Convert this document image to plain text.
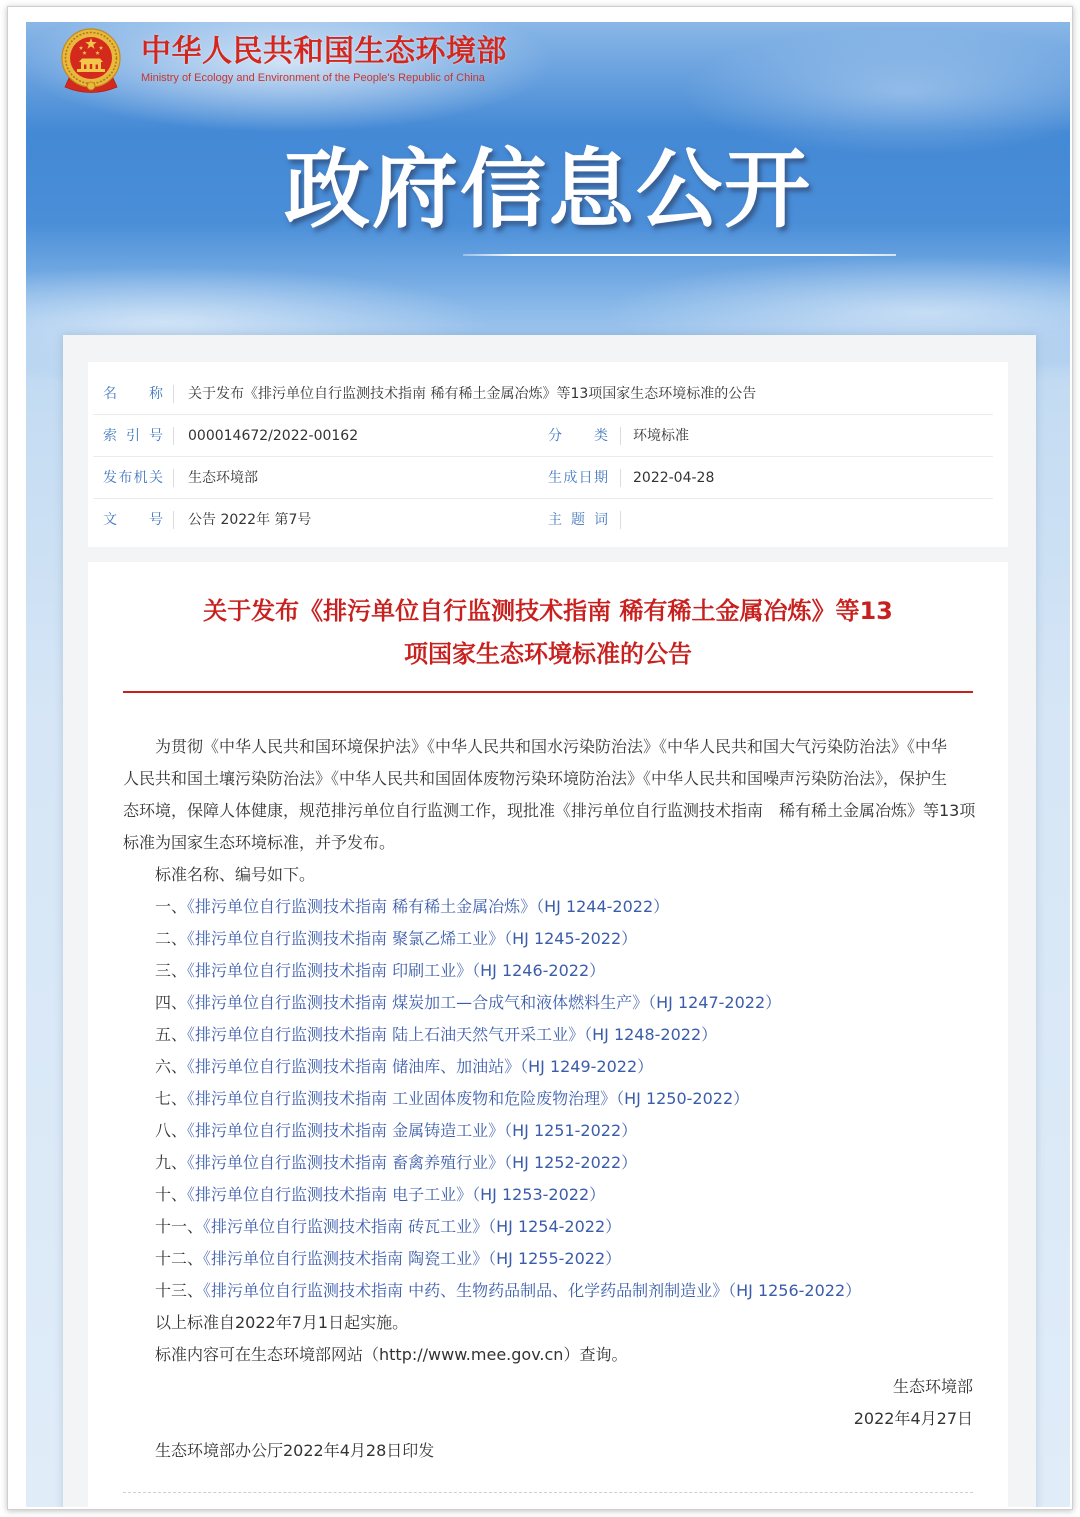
中华人民共和国生态环境部
Ministry of Ecology and Environment of the People's Republic of China
政府信息公开
名　　称 关于发布《排污单位自行监测技术指南 稀有稀土金属冶炼》等13项国家生态环境标准的公告
索 引 号 000014672/2022-00162	分　　类 环境标准
发布机关 生态环境部	生成日期 2022-04-28
文　　号 公告 2022年 第7号	主 题 词
关于发布《排污单位自行监测技术指南 稀有稀土金属冶炼》等13
项国家生态环境标准的公告
为贯彻《中华人民共和国环境保护法》《中华人民共和国水污染防治法》《中华人民共和国大气污染防治法》《中华
人民共和国土壤污染防治法》《中华人民共和国固体废物污染环境防治法》《中华人民共和国噪声污染防治法》，保护生
态环境，保障人体健康，规范排污单位自行监测工作，现批准《排污单位自行监测技术指南　稀有稀土金属冶炼》等13项
标准为国家生态环境标准，并予发布。
标准名称、编号如下。
一、《排污单位自行监测技术指南 稀有稀土金属冶炼》（HJ 1244-2022）
二、《排污单位自行监测技术指南 聚氯乙烯工业》（HJ 1245-2022）
三、《排污单位自行监测技术指南 印刷工业》（HJ 1246-2022）
四、《排污单位自行监测技术指南 煤炭加工—合成气和液体燃料生产》（HJ 1247-2022）
五、《排污单位自行监测技术指南 陆上石油天然气开采工业》（HJ 1248-2022）
六、《排污单位自行监测技术指南 储油库、加油站》（HJ 1249-2022）
七、《排污单位自行监测技术指南 工业固体废物和危险废物治理》（HJ 1250-2022）
八、《排污单位自行监测技术指南 金属铸造工业》（HJ 1251-2022）
九、《排污单位自行监测技术指南 畜禽养殖行业》（HJ 1252-2022）
十、《排污单位自行监测技术指南 电子工业》（HJ 1253-2022）
十一、《排污单位自行监测技术指南 砖瓦工业》（HJ 1254-2022）
十二、《排污单位自行监测技术指南 陶瓷工业》（HJ 1255-2022）
十三、《排污单位自行监测技术指南 中药、生物药品制品、化学药品制剂制造业》（HJ 1256-2022）
以上标准自2022年7月1日起实施。
标准内容可在生态环境部网站（http://www.mee.gov.cn）查询。
生态环境部
2022年4月27日
生态环境部办公厅2022年4月28日印发
